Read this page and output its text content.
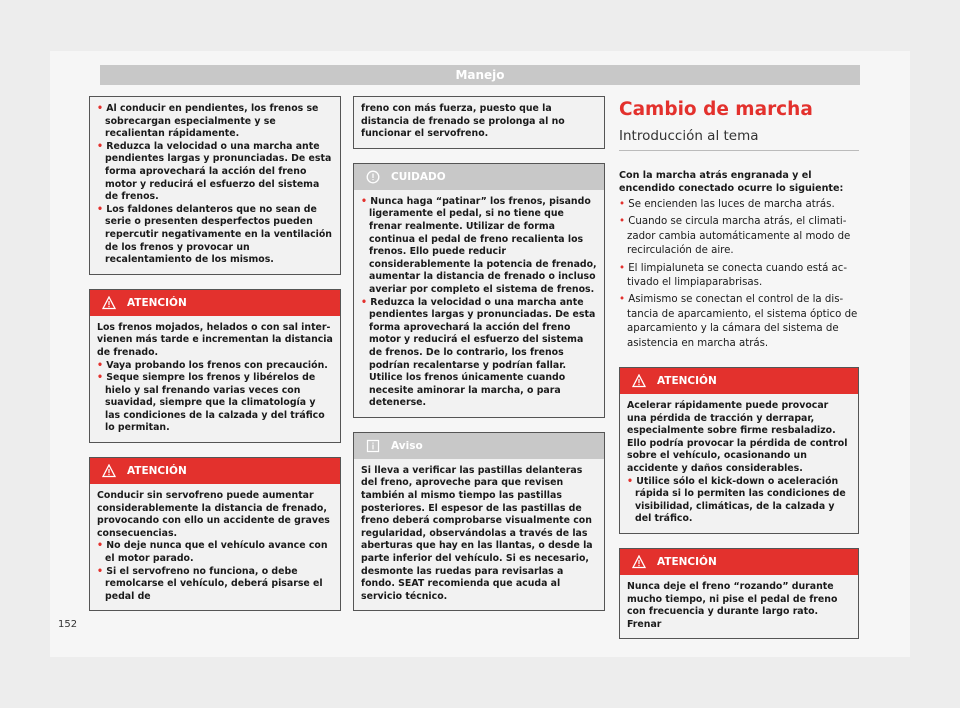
Manejo

• Al conducir en pendientes, los frenos se sobrecargan especialmente y se recalientan rápidamente.

• Reduzca la velocidad o una marcha ante pendientes largas y pronunciadas. De esta forma aprovechará la acción del freno motor y reducirá el esfuerzo del sistema de frenos.

• Los faldones delanteros que no sean de serie o presenten desperfectos pueden repercutir negativamente en la ventilación de los frenos y provocar un recalentamiento de los mismos.

ATENCIÓN

Los frenos mojados, helados o con sal intervienen más tarde e incrementan la distancia de frenado.

• Vaya probando los frenos con precaución.

• Seque siempre los frenos y libérelos de hielo y sal frenando varias veces con suavidad, siempre que la climatología y las condiciones de la calzada y del tráfico lo permitan.

ATENCIÓN

Conducir sin servofreno puede aumentar considerablemente la distancia de frenado, provocando con ello un accidente de graves consecuencias.

• No deje nunca que el vehículo avance con el motor parado.

• Si el servofreno no funciona, o debe remolcarse el vehículo, deberá pisarse el pedal de

freno con más fuerza, puesto que la distancia de frenado se prolonga al no funcionar el servofreno.

CUIDADO

• Nunca haga “patinar” los frenos, pisando ligeramente el pedal, si no tiene que frenar realmente. Utilizar de forma continua el pedal de freno recalienta los frenos. Ello puede reducir considerablemente la potencia de frenado, aumentar la distancia de frenado o incluso averiar por completo el sistema de frenos.

• Reduzca la velocidad o una marcha ante pendientes largas y pronunciadas. De esta forma aprovechará la acción del freno motor y reducirá el esfuerzo del sistema de frenos. De lo contrario, los frenos podrían recalentarse y podrían fallar. Utilice los frenos únicamente cuando necesite aminorar la marcha, o para detenerse.

Aviso

Si lleva a verificar las pastillas delanteras del freno, aproveche para que revisen también al mismo tiempo las pastillas posteriores. El espesor de las pastillas de freno deberá comprobarse visualmente con regularidad, observándolas a través de las aberturas que hay en las llantas, o desde la parte inferior del vehículo. Si es necesario, desmonte las ruedas para revisarlas a fondo. SEAT recomienda que acuda al servicio técnico.

Cambio de marcha
Introducción al tema

Con la marcha atrás engranada y el encendido conectado ocurre lo siguiente:

• Se encienden las luces de marcha atrás.

• Cuando se circula marcha atrás, el climatizador cambia automáticamente al modo de recirculación de aire.

• El limpialuneta se conecta cuando está activado el limpiaparabrisas.

• Asimismo se conectan el control de la distancia de aparcamiento, el sistema óptico de aparcamiento y la cámara del sistema de asistencia en marcha atrás.

ATENCIÓN

Acelerar rápidamente puede provocar una pérdida de tracción y derrapar, especialmente sobre firme resbaladizo. Ello podría provocar la pérdida de control sobre el vehículo, ocasionando un accidente y daños considerables.

• Utilice sólo el kick-down o aceleración rápida si lo permiten las condiciones de visibilidad, climáticas, de la calzada y del tráfico.

ATENCIÓN

Nunca deje el freno “rozando” durante mucho tiempo, ni pise el pedal de freno con frecuencia y durante largo rato. Frenar

152
